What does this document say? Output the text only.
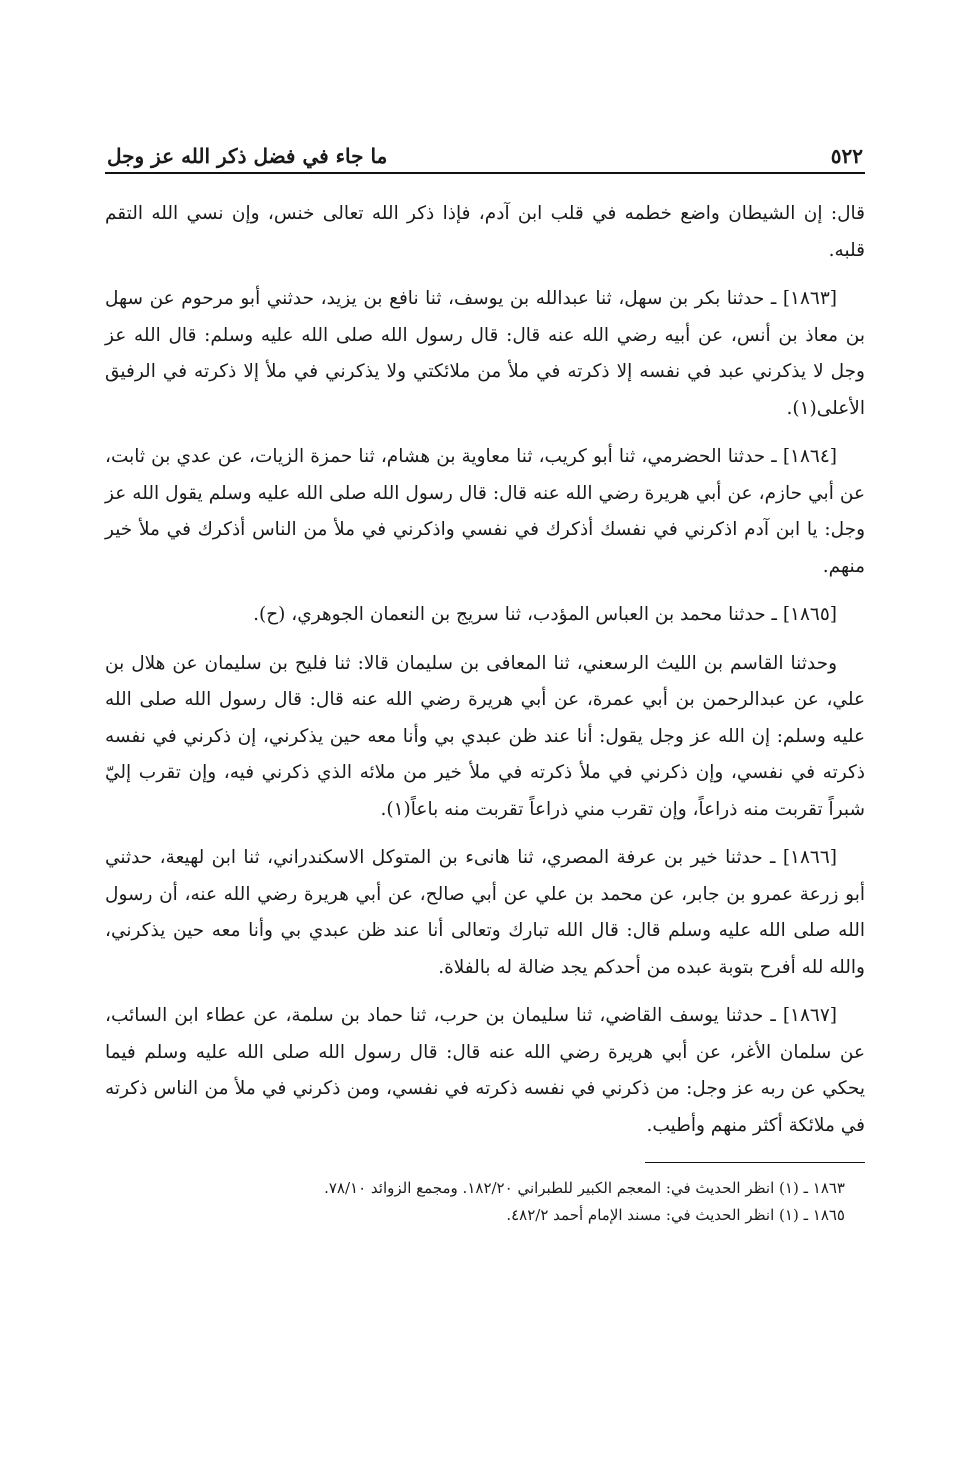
٥٢٢
ما جاء في فضل ذكر الله عز وجل

قال: إن الشيطان واضع خطمه في قلب ابن آدم، فإذا ذكر الله تعالى خنس، وإن نسي الله التقم قلبه.

[١٨٦٣] ـ حدثنا بكر بن سهل، ثنا عبدالله بن يوسف، ثنا نافع بن يزيد، حدثني أبو مرحوم عن سهل بن معاذ بن أنس، عن أبيه رضي الله عنه قال: قال رسول الله صلى الله عليه وسلم: قال الله عز وجل لا يذكرني عبد في نفسه إلا ذكرته في ملأ من ملائكتي ولا يذكرني في ملأ إلا ذكرته في الرفيق الأعلى(١).

[١٨٦٤] ـ حدثنا الحضرمي، ثنا أبو كريب، ثنا معاوية بن هشام، ثنا حمزة الزيات، عن عدي بن ثابت، عن أبي حازم، عن أبي هريرة رضي الله عنه قال: قال رسول الله صلى الله عليه وسلم يقول الله عز وجل: يا ابن آدم اذكرني في نفسك أذكرك في نفسي واذكرني في ملأ من الناس أذكرك في ملأ خير منهم.

[١٨٦٥] ـ حدثنا محمد بن العباس المؤدب، ثنا سريج بن النعمان الجوهري، (ح).

وحدثنا القاسم بن الليث الرسعني، ثنا المعافى بن سليمان قالا: ثنا فليح بن سليمان عن هلال بن علي، عن عبدالرحمن بن أبي عمرة، عن أبي هريرة رضي الله عنه قال: قال رسول الله صلى الله عليه وسلم: إن الله عز وجل يقول: أنا عند ظن عبدي بي وأنا معه حين يذكرني، إن ذكرني في نفسه ذكرته في نفسي، وإن ذكرني في ملأ ذكرته في ملأ خير من ملائه الذي ذكرني فيه، وإن تقرب إليّ شبراً تقربت منه ذراعاً، وإن تقرب مني ذراعاً تقربت منه باعاً(١).

[١٨٦٦] ـ حدثنا خير بن عرفة المصري، ثنا هانىء بن المتوكل الاسكندراني، ثنا ابن لهيعة، حدثني أبو زرعة عمرو بن جابر، عن محمد بن علي عن أبي صالح، عن أبي هريرة رضي الله عنه، أن رسول الله صلى الله عليه وسلم قال: قال الله تبارك وتعالى أنا عند ظن عبدي بي وأنا معه حين يذكرني، والله لله أفرح بتوبة عبده من أحدكم يجد ضالة له بالفلاة.

[١٨٦٧] ـ حدثنا يوسف القاضي، ثنا سليمان بن حرب، ثنا حماد بن سلمة، عن عطاء ابن السائب، عن سلمان الأغر، عن أبي هريرة رضي الله عنه قال: قال رسول الله صلى الله عليه وسلم فيما يحكي عن ربه عز وجل: من ذكرني في نفسه ذكرته في نفسي، ومن ذكرني في ملأ من الناس ذكرته في ملائكة أكثر منهم وأطيب.

١٨٦٣ ـ (١) انظر الحديث في: المعجم الكبير للطبراني ١٨٢/٢٠. ومجمع الزوائد ٧٨/١٠.

١٨٦٥ ـ (١) انظر الحديث في: مسند الإمام أحمد ٤٨٢/٢.
